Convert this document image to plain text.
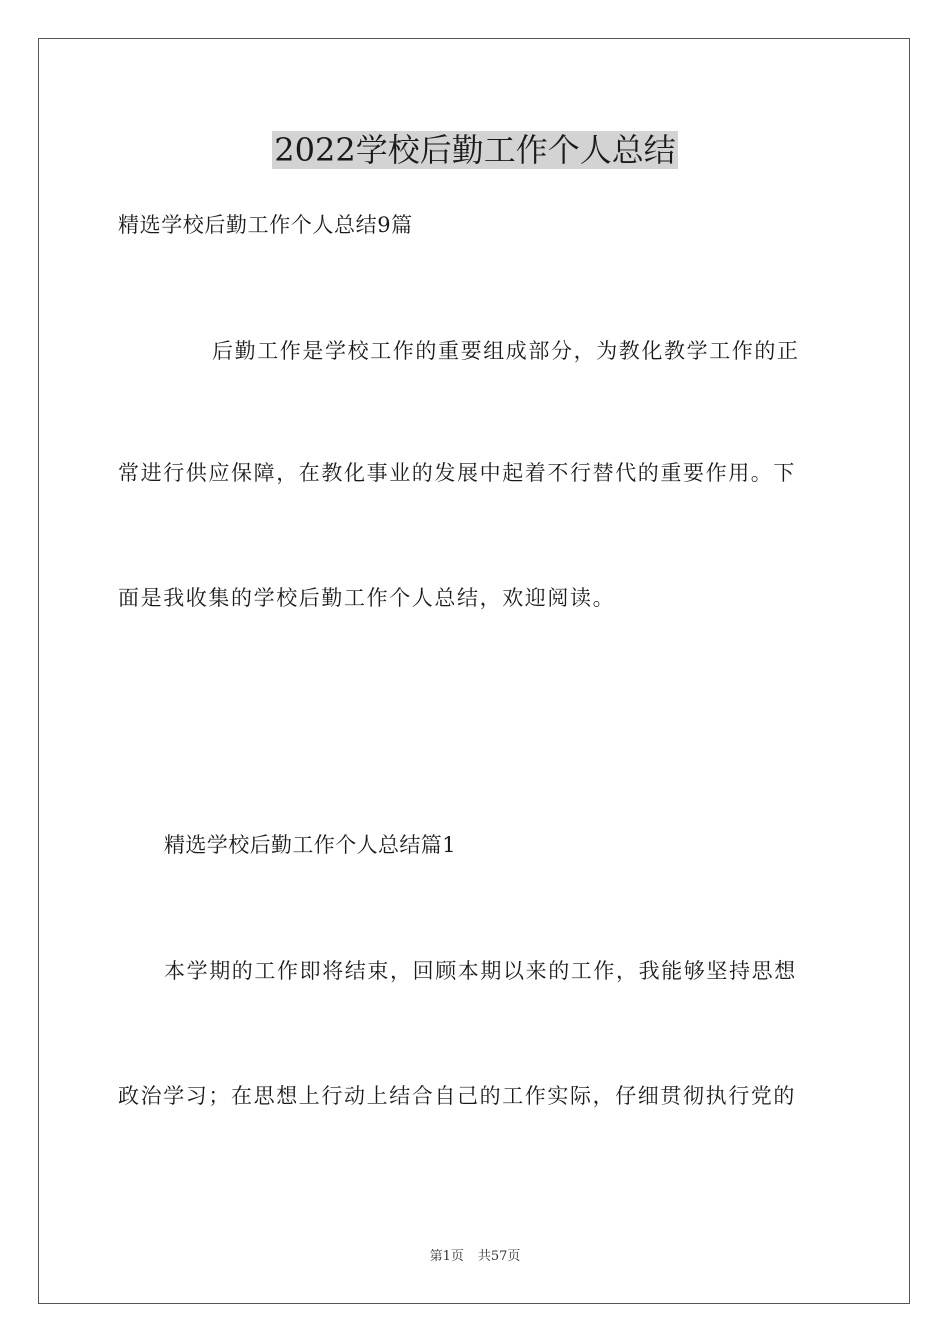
2022学校后勤工作个人总结

精选学校后勤工作个人总结9篇

后勤工作是学校工作的重要组成部分，为教化教学工作的正

常进行供应保障，在教化事业的发展中起着不行替代的重要作用。下

面是我收集的学校后勤工作个人总结，欢迎阅读。

精选学校后勤工作个人总结篇1

本学期的工作即将结束，回顾本期以来的工作，我能够坚持思想

政治学习；在思想上行动上结合自己的工作实际，仔细贯彻执行党的

第1页 共57页
